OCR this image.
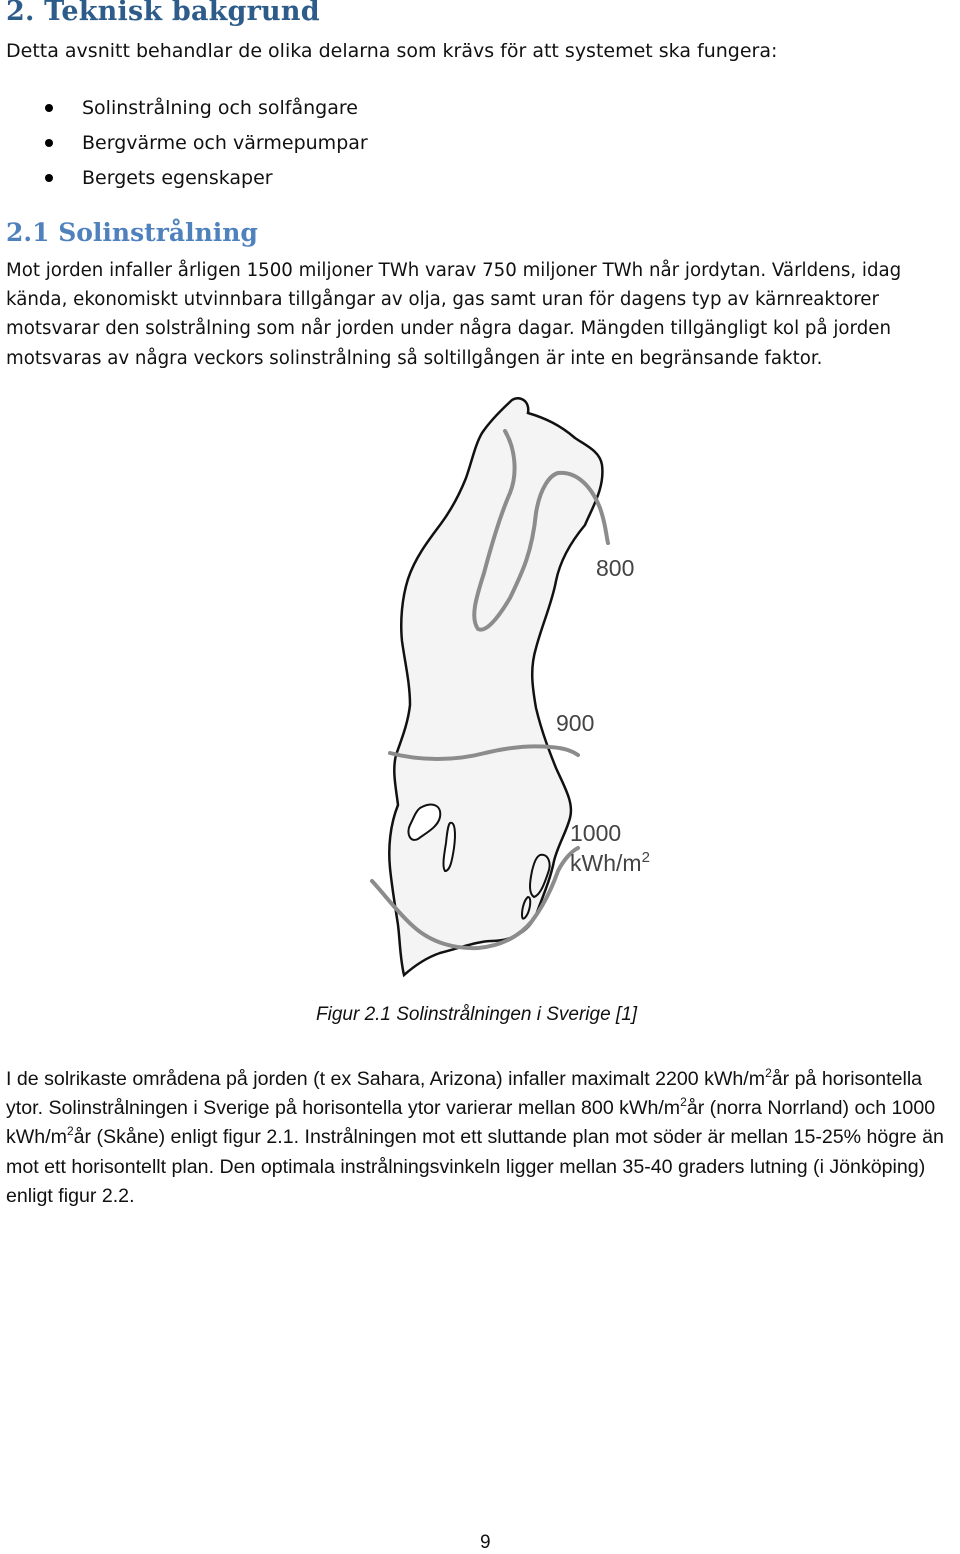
2. Teknisk bakgrund

Detta avsnitt behandlar de olika delarna som krävs för att systemet ska fungera:

Solinstrålning och solfångare
Bergvärme och värmepumpar
Bergets egenskaper
2.1 Solinstrålning

Mot jorden infaller årligen 1500 miljoner TWh varav 750 miljoner TWh når jordytan. Världens, idag kända, ekonomiskt utvinnbara tillgångar av olja, gas samt uran för dagens typ av kärnreaktorer motsvarar den solstrålning som når jorden under några dagar. Mängden tillgängligt kol på jorden motsvaras av några veckors solinstrålning så soltillgången är inte en begränsande faktor.

800
900
1000
kWh/$m^2$

Figur 2.1 Solinstrålningen i Sverige [1]

I de solrikaste områdena på jorden (t ex Sahara, Arizona) infaller maximalt 2200 kWh/$m^2år$ på horisontella ytor. Solinstrålningen i Sverige på horisontella ytor varierar mellan 800 kWh/$m^2år$ (norra Norrland) och 1000 kWh/$m^2år$ (Skåne) enligt figur 2.1. Instrålningen mot ett sluttande plan mot söder är mellan 15-25% högre än mot ett horisontellt plan. Den optimala instrålningsvinkeln ligger mellan 35-40 graders lutning (i Jönköping) enligt figur 2.2.

9
